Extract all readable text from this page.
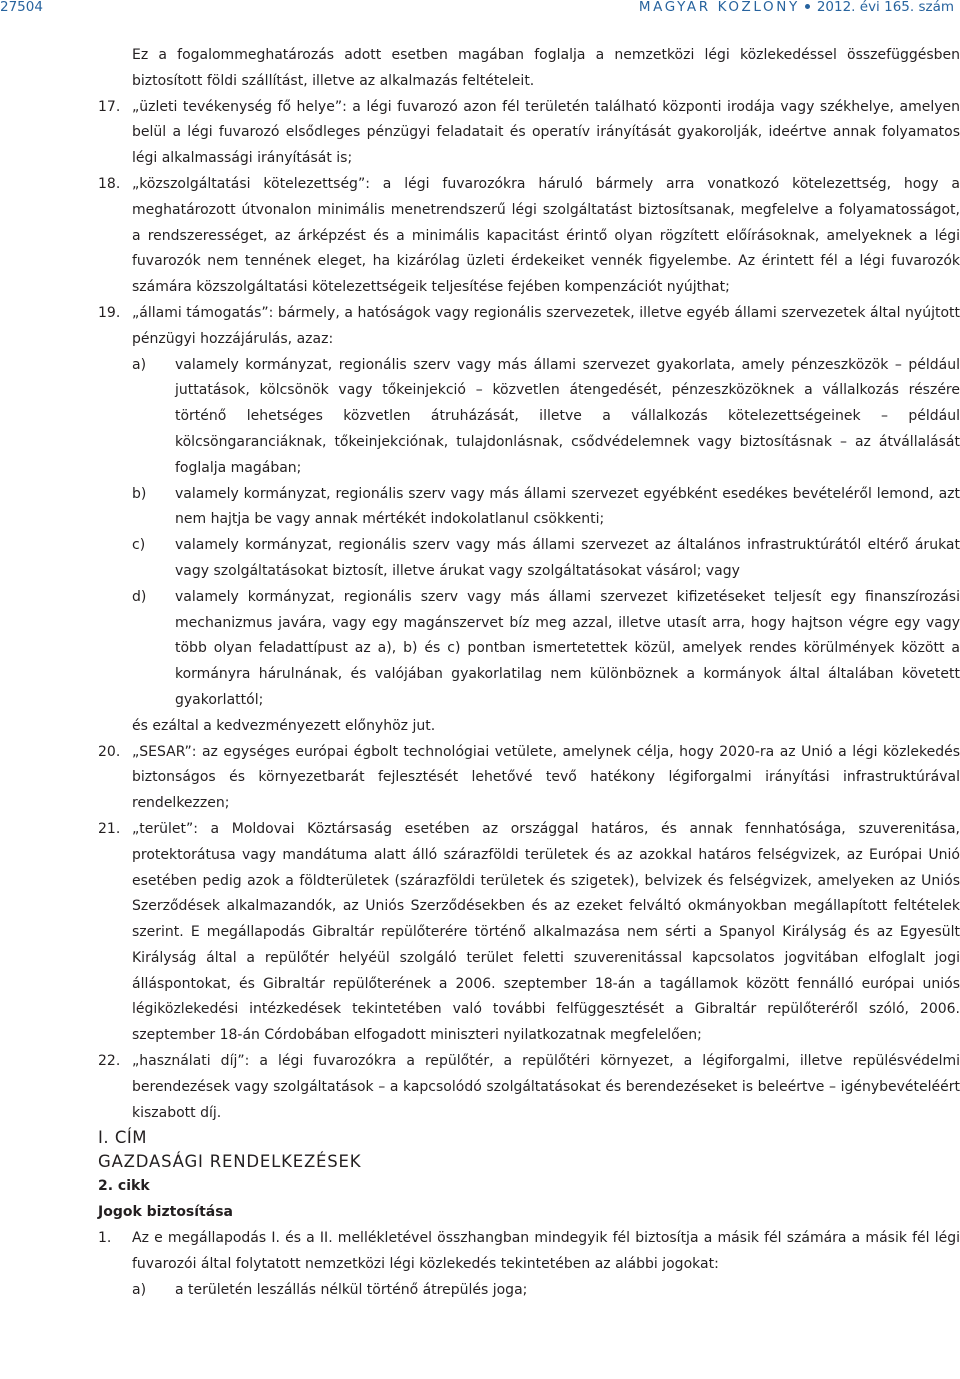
27504	MAGYAR KÖZLÖNY 2012. évi 165. szám

Ez a fogalommeghatározás adott esetben magában foglalja a nemzetközi légi közlekedéssel összefüggésben biztosított földi szállítást, illetve az alkalmazás feltételeit.

17. „üzleti tevékenység fő helye”: a légi fuvarozó azon fél területén található központi irodája vagy székhelye, amelyen belül a légi fuvarozó elsődleges pénzügyi feladatait és operatív irányítását gyakorolják, ideértve annak folyamatos légi alkalmassági irányítását is;
18. „közszolgáltatási kötelezettség”: a légi fuvarozókra háruló bármely arra vonatkozó kötelezettség, hogy a meghatározott útvonalon minimális menetrendszerű légi szolgáltatást biztosítsanak, megfelelve a folyamatosságot, a rendszerességet, az árképzést és a minimális kapacitást érintő olyan rögzített előírásoknak, amelyeknek a légi fuvarozók nem tennének eleget, ha kizárólag üzleti érdekeiket vennék figyelembe. Az érintett fél a légi fuvarozók számára közszolgáltatási kötelezettségeik teljesítése fejében kompenzációt nyújthat;
19. „állami támogatás”: bármely, a hatóságok vagy regionális szervezetek, illetve egyéb állami szervezetek által nyújtott pénzügyi hozzájárulás, azaz:
a)	valamely kormányzat, regionális szerv vagy más állami szervezet gyakorlata, amely pénzeszközök – például juttatások, kölcsönök vagy tőkeinjekció – közvetlen átengedését, pénzeszközöknek a vállalkozás részére történő lehetséges közvetlen átruházását, illetve a vállalkozás kötelezettségeinek – például kölcsöngaranciáknak, tőkeinjekciónak, tulajdonlásnak, csődvédelemnek vagy biztosításnak – az átvállalását foglalja magában;
b)	valamely kormányzat, regionális szerv vagy más állami szervezet egyébként esedékes bevételéről lemond, azt nem hajtja be vagy annak mértékét indokolatlanul csökkenti;
c)	valamely kormányzat, regionális szerv vagy más állami szervezet az általános infrastruktúrától eltérő árukat vagy szolgáltatásokat biztosít, illetve árukat vagy szolgáltatásokat vásárol; vagy
d)	valamely kormányzat, regionális szerv vagy más állami szervezet kifizetéseket teljesít egy finanszírozási mechanizmus javára, vagy egy magánszervet bíz meg azzal, illetve utasít arra, hogy hajtson végre egy vagy több olyan feladattípust az a), b) és c) pontban ismertetettek közül, amelyek rendes körülmények között a kormányra hárulnának, és valójában gyakorlatilag nem különböznek a kormányok által általában követett gyakorlattól;

és ezáltal a kedvezményezett előnyhöz jut.

20. „SESAR”: az egységes európai égbolt technológiai vetülete, amelynek célja, hogy 2020-ra az Unió a légi közlekedés biztonságos és környezetbarát fejlesztését lehetővé tevő hatékony légiforgalmi irányítási infrastruktúrával rendelkezzen;
21. „terület”: a Moldovai Köztársaság esetében az országgal határos, és annak fennhatósága, szuverenitása, protektorátusa vagy mandátuma alatt álló szárazföldi területek és az azokkal határos felségvizek, az Európai Unió esetében pedig azok a földterületek (szárazföldi területek és szigetek), belvizek és felségvizek, amelyeken az Uniós Szerződések alkalmazandók, az Uniós Szerződésekben és az ezeket felváltó okmányokban megállapított feltételek szerint. E megállapodás Gibraltár repülőterére történő alkalmazása nem sérti a Spanyol Királyság és az Egyesült Királyság által a repülőtér helyéül szolgáló terület feletti szuverenitással kapcsolatos jogvitában elfoglalt jogi álláspontokat, és Gibraltár repülőterének a 2006. szeptember 18-án a tagállamok között fennálló európai uniós légiközlekedési intézkedések tekintetében való további felfüggesztését a Gibraltár repülőteréről szóló, 2006. szeptember 18-án Córdobában elfogadott miniszteri nyilatkozatnak megfelelően;
22. „használati díj”: a légi fuvarozókra a repülőtér, a repülőtéri környezet, a légiforgalmi, illetve repülésvédelmi berendezések vagy szolgáltatások – a kapcsolódó szolgáltatásokat és berendezéseket is beleértve – igénybevételéért kiszabott díj.

I. CÍM

GAZDASÁGI RENDELKEZÉSEK

2. cikk

Jogok biztosítása

1.	Az e megállapodás I. és a II. mellékletével összhangban mindegyik fél biztosítja a másik fél számára a másik fél légi fuvarozói által folytatott nemzetközi légi közlekedés tekintetében az alábbi jogokat:
a)	a területén leszállás nélkül történő átrepülés joga;
